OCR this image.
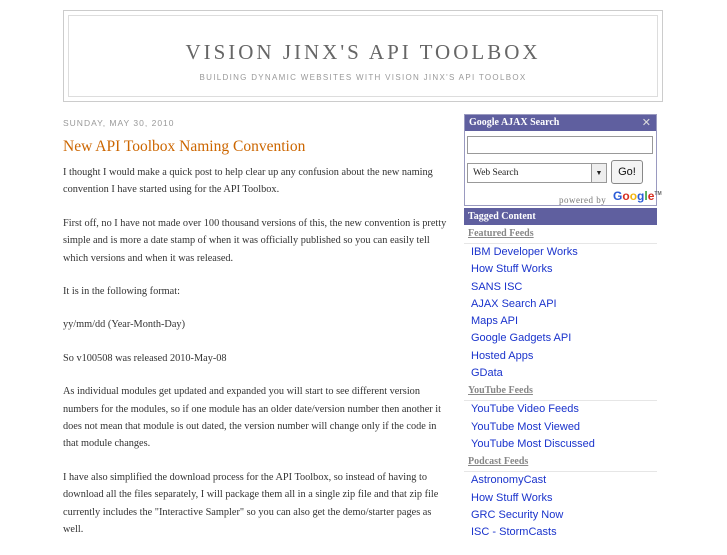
VISION JINX'S API TOOLBOX
BUILDING DYNAMIC WEBSITES WITH VISION JINX'S API TOOLBOX
SUNDAY, MAY 30, 2010
New API Toolbox Naming Convention

I thought I would make a quick post to help clear up any confusion about the new naming convention I have started using for the API Toolbox.

First off, no I have not made over 100 thousand versions of this, the new convention is pretty simple and is more a date stamp of when it was officially published so you can easily tell which versions and when it was released.

It is in the following format:

yy/mm/dd (Year-Month-Day)

So v100508 was released 2010-May-08

As individual modules get updated and expanded you will start to see different version numbers for the modules, so if one module has an older date/version number then another it does not mean that module is out dated, the version number will change only if the code in that module changes.

I have also simplified the download process for the API Toolbox, so instead of having to download all the files separately, I will package them all in a single zip file and that zip file currently includes the "Interactive Sampler" so you can also get the demo/starter pages as well.

Google AJAX Search	✕
Web Search	▼	Go!
powered by Google™
Tagged Content
Featured Feeds
IBM Developer Works
How Stuff Works
SANS ISC
AJAX Search API
Maps API
Google Gadgets API
Hosted Apps
GData
YouTube Feeds
YouTube Video Feeds
YouTube Most Viewed
YouTube Most Discussed
Podcast Feeds
AstronomyCast
How Stuff Works
GRC Security Now
ISC - StormCasts
